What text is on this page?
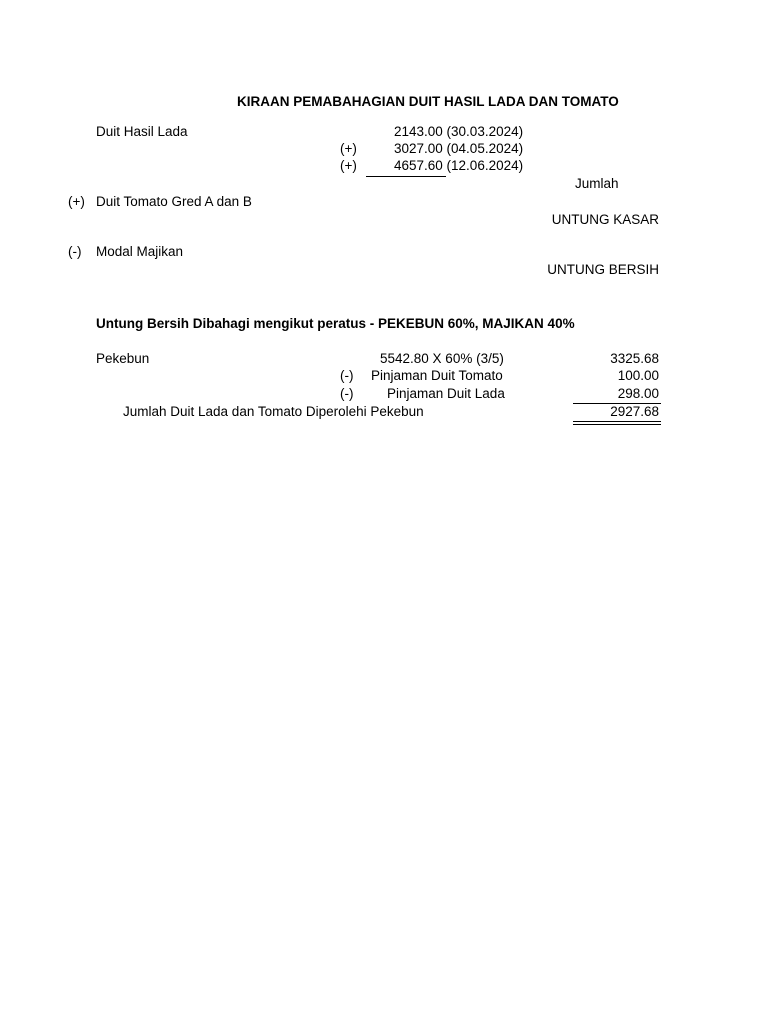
KIRAAN PEMABAHAGIAN DUIT HASIL LADA DAN TOMATO
Duit Hasil Lada	2143.00 (30.03.2024)
(+)	3027.00 (04.05.2024)
(+)	4657.60 (12.06.2024)
Jumlah
(+) Duit Tomato Gred A dan B
UNTUNG KASAR
(-) Modal Majikan
UNTUNG BERSIH
Untung Bersih Dibahagi mengikut peratus - PEKEBUN 60%, MAJIKAN 40%
Pekebun	5542.80 X 60% (3/5)	3325.68
(-) Pinjaman Duit Tomato	100.00
(-) Pinjaman Duit Lada	298.00
Jumlah Duit Lada dan Tomato Diperolehi Pekebun	2927.68
